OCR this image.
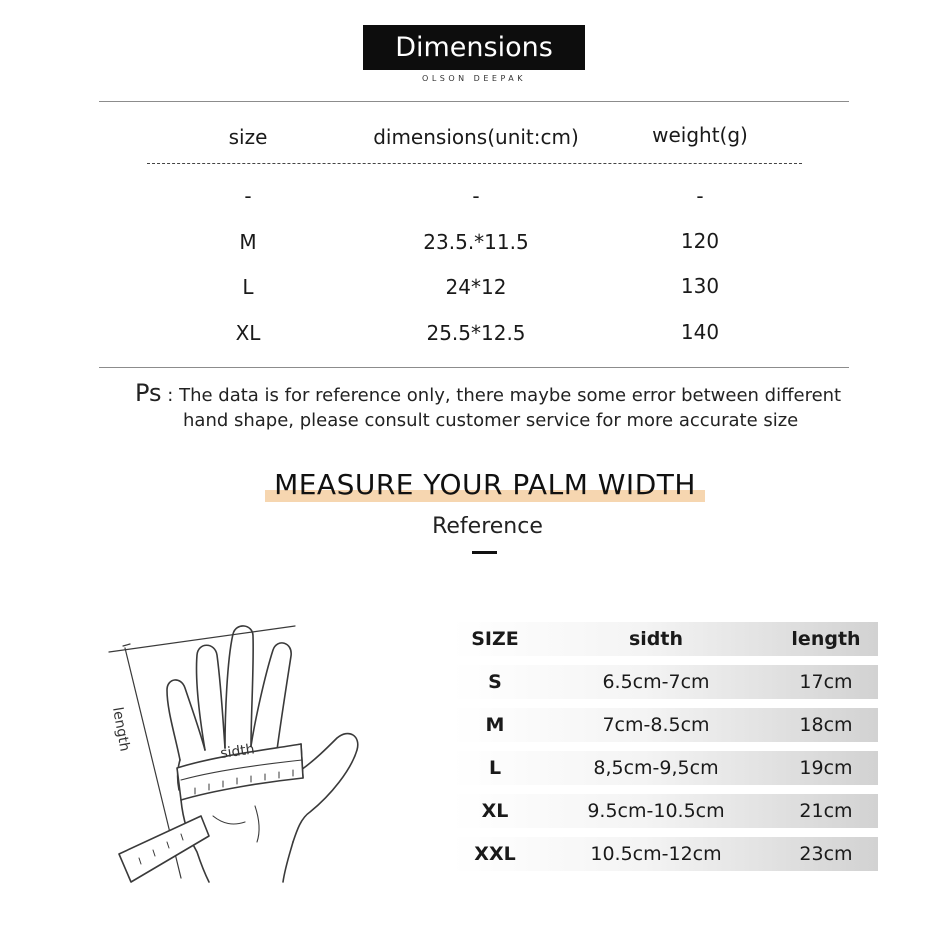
Dimensions
OLSON DEEPAK
size	dimensions(unit:cm)	weight(g)
-	-	-
M	23.5.*11.5	120
L	24*12	130
XL	25.5*12.5	140
Ps : The data is for reference only, there maybe some error between different
hand shape, please consult customer service for more accurate size
MEASURE YOUR PALM WIDTH
Reference
length	sidth
SIZE	sidth	length
S	6.5cm-7cm	17cm
M	7cm-8.5cm	18cm
L	8,5cm-9,5cm	19cm
XL	9.5cm-10.5cm	21cm
XXL	10.5cm-12cm	23cm
